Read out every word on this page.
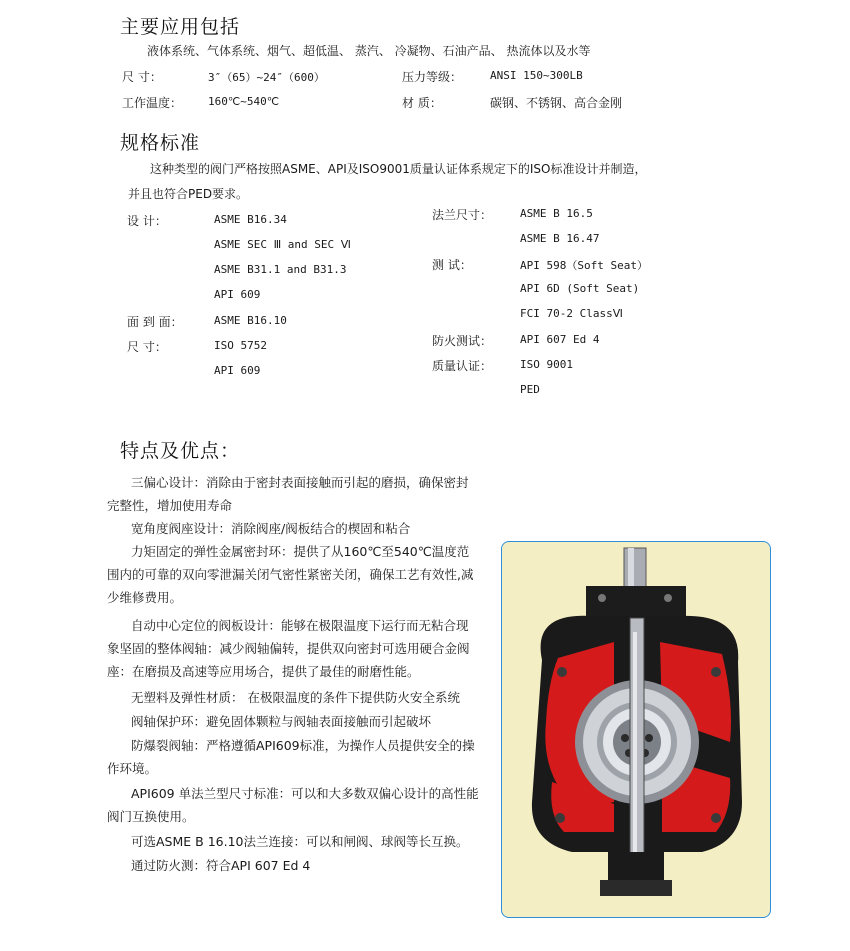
主要应用包括
液体系统、气体系统、烟气、超低温、 蒸汽、 冷凝物、石油产品、 热流体以及水等
尺 寸：	3″（65）~24″（600）	压力等级：	ANSI 150~300LB
工作温度： 160℃~540℃	材 质：	碳钢、不锈钢、高合金刚
规格标准
这种类型的阀门严格按照ASME、API及ISO9001质量认证体系规定下的ISO标准设计并制造，
并且也符合PED要求。
设 计：	ASME B16.34
ASME SEC Ⅲ and SEC Ⅵ
ASME B31.1 and B31.3
API 609
面 到 面：	ASME B16.10
尺 寸：	ISO 5752
API 609
法兰尺寸：	ASME B 16.5
ASME B 16.47
测 试：	API 598（Soft Seat）
API 6D (Soft Seat)
FCI 70-2 ClassⅥ
防火测试：	API 607 Ed 4
质量认证：	ISO 9001
PED
特点及优点：
三偏心设计：消除由于密封表面接触而引起的磨损，确保密封完整性，增加使用寿命
宽角度阀座设计：消除阀座/阀板结合的楔固和粘合
力矩固定的弹性金属密封环：提供了从160℃至540℃温度范围内的可靠的双向零泄漏关闭气密性紧密关闭，确保工艺有效性,减少维修费用。
自动中心定位的阀板设计：能够在极限温度下运行而无粘合现象坚固的整体阀轴：减少阀轴偏转，提供双向密封可选用硬合金阀座：在磨损及高速等应用场合，提供了最佳的耐磨性能。
无塑料及弹性材质： 在极限温度的条件下提供防火安全系统
阀轴保护环：避免固体颗粒与阀轴表面接触而引起破坏
防爆裂阀轴：严格遵循API609标准，为操作人员提供安全的操作环境。
API609 单法兰型尺寸标准：可以和大多数双偏心设计的高性能阀门互换使用。
可选ASME B 16.10法兰连接：可以和闸阀、球阀等长互换。
通过防火测：符合API 607 Ed 4
